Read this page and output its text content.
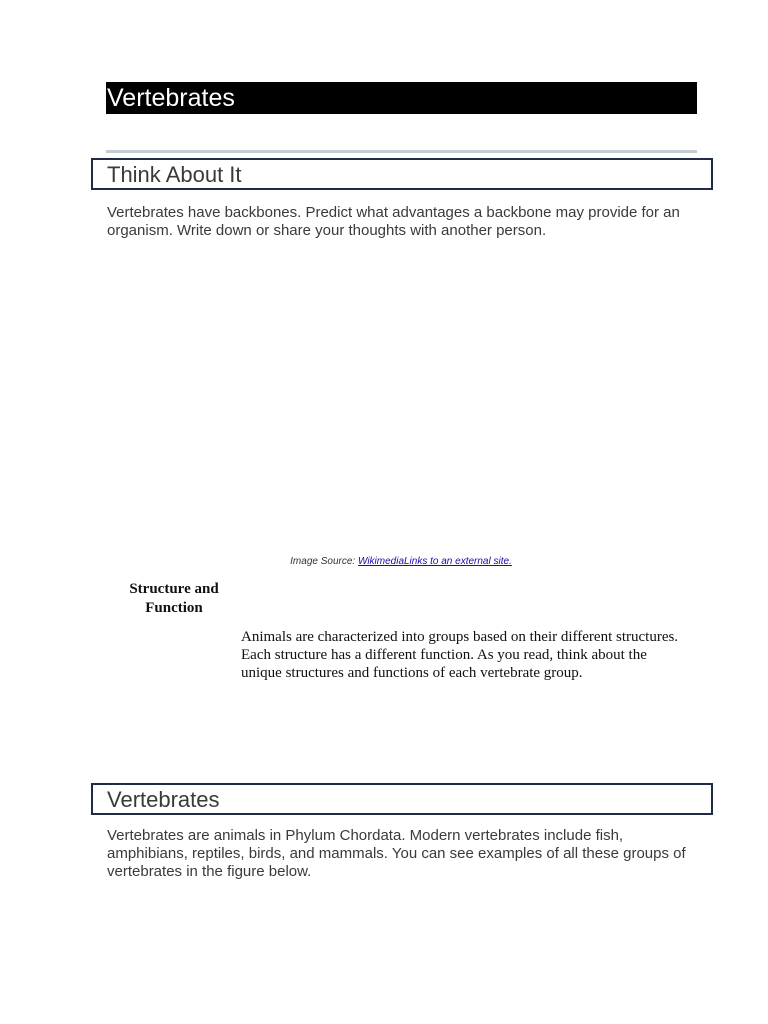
Vertebrates
Think About It
Vertebrates have backbones. Predict what advantages a backbone may provide for an organism. Write down or share your thoughts with another person.
Image Source: WikimediaLinks to an external site.
Structure and Function
Animals are characterized into groups based on their different structures. Each structure has a different function. As you read, think about the unique structures and functions of each vertebrate group.
Vertebrates
Vertebrates are animals in Phylum Chordata. Modern vertebrates include fish, amphibians, reptiles, birds, and mammals. You can see examples of all these groups of vertebrates in the figure below.
